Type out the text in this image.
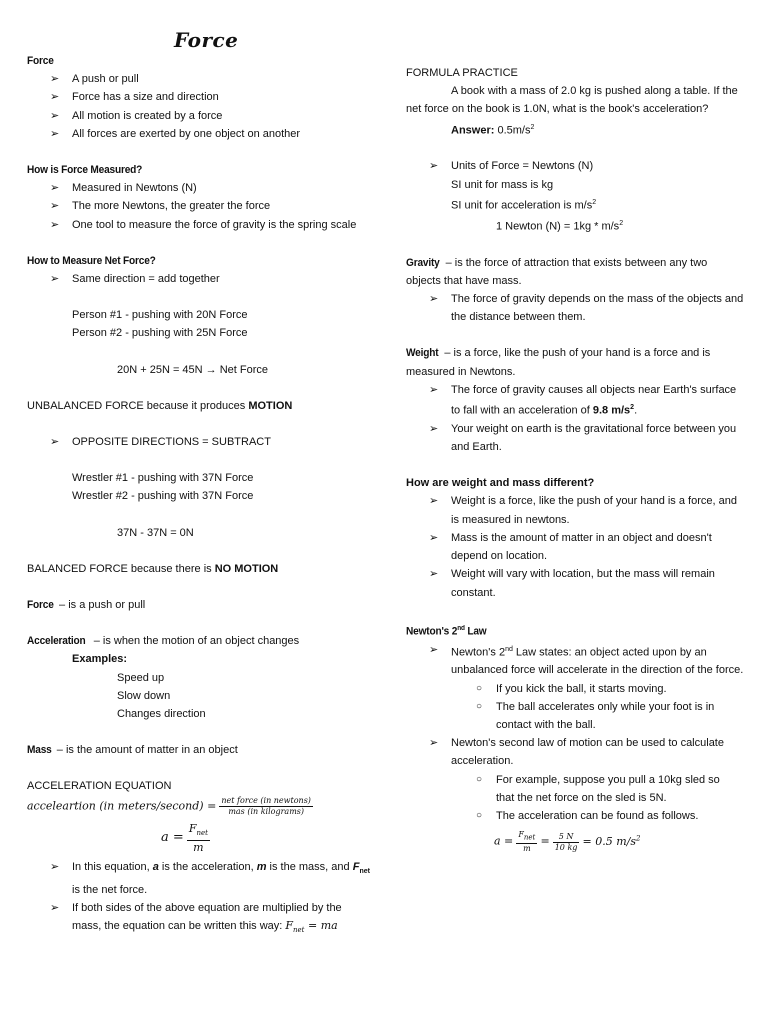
Force
Force
➢ A push or pull
➢ Force has a size and direction
➢ All motion is created by a force
➢ All forces are exerted by one object on another
How is Force Measured?
➢ Measured in Newtons (N)
➢ The more Newtons, the greater the force
➢ One tool to measure the force of gravity is the spring scale
How to Measure Net Force?
➢ Same direction = add together
Person #1 - pushing with 20N Force
Person #2 - pushing with 25N Force
20N + 25N = 45N → Net Force
UNBALANCED FORCE because it produces MOTION
➢ OPPOSITE DIRECTIONS = SUBTRACT
Wrestler #1 - pushing with 37N Force
Wrestler #2 - pushing with 37N Force
37N - 37N = 0N
BALANCED FORCE because there is NO MOTION
Force – is a push or pull
Acceleration – is when the motion of an object changes
Examples:
Speed up
Slow down
Changes direction
Mass – is the amount of matter in an object
ACCELERATION EQUATION
acceleartion (in meters/second) = $\frac{\text{net force (in newtons)}}{\text{mas (in kilograms)}}$
$a = \frac{F_{net}}{m}$
➢ In this equation, a is the acceleration, m is the mass, and $F_{net}$ is the net force.
➢ If both sides of the above equation are multiplied by the mass, the equation can be written this way: $F_{net}$ = ma
FORMULA PRACTICE
A book with a mass of 2.0 kg is pushed along a table. If the net force on the book is 1.0N, what is the book's acceleration?
Answer: $0.5m/s^2$
➢ Units of Force = Newtons (N)
SI unit for mass is kg
SI unit for acceleration is $m/s^2$
1 Newton $(N) = 1kg * m/s^2$
Gravity – is the force of attraction that exists between any two objects that have mass.
➢ The force of gravity depends on the mass of the objects and the distance between them.
Weight – is a force, like the push of your hand is a force and is measured in Newtons.
➢ The force of gravity causes all objects near Earth's surface to fall with an acceleration of 9.8 $m/s^2$.
➢ Your weight on earth is the gravitational force between you and Earth.
How are weight and mass different?
➢ Weight is a force, like the push of your hand is a force, and is measured in newtons.
➢ Mass is the amount of matter in an object and doesn't depend on location.
➢ Weight will vary with location, but the mass will remain constant.
Newton's 2nd Law
➢ Newton's 2nd Law states: an object acted upon by an unbalanced force will accelerate in the direction of the force.
○ If you kick the ball, it starts moving.
○ The ball accelerates only while your foot is in contact with the ball.
➢ Newton's second law of motion can be used to calculate acceleration.
○ For example, suppose you pull a 10kg sled so that the net force on the sled is 5N.
○ The acceleration can be found as follows.
$a = \frac{F_{net}}{m} = \frac{5 N}{10 kg} = 0.5$ $m/s^2$
